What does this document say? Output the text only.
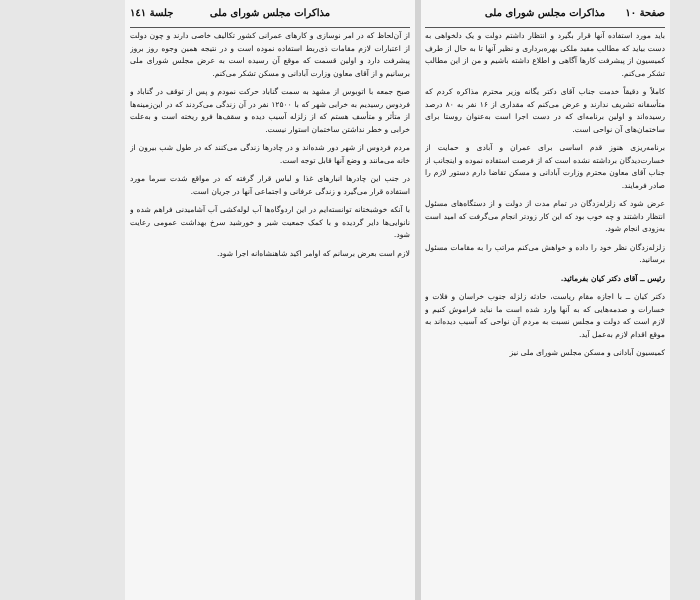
جلسة ١٤١	مذاکرات مجلس شورای ملی	صفحة ١٠
مذاکرات مجلس شورای ملی

از آن‌لحاظ که در امر نوسازی و کارهای عمرانی کشور تکالیف خاصی دارند و چون دولت از اعتبارات لازم مقامات ذی‌ربط استفاده نموده است و در نتیجه همین وجوه روز بروز پیشرفت دارد و اولین قسمت که موقع آن رسیده است به عرض مجلس شورای ملی برسانیم و از آقای معاون وزارت آبادانی و مسکن تشکر می‌کنم.

صبح جمعه با اتوبوس از مشهد به سمت گناباد حرکت نمودم و پس از توقف در گناباد و فردوس رسیدیم به خرابی شهر که با ۱۲۵۰۰ نفر در آن زندگی می‌کردند که در این‌زمینه‌ها از متأثر و متأسف هستم که از زلزله آسیب دیده و سقف‌ها فرو ریخته است و به‌علت خرابی و خطر نداشتن ساختمان استوار نیست.

مردم فردوس از شهر دور شده‌اند و در چادرها زندگی می‌کنند که در طول شب بیرون از خانه می‌مانند و وضع آنها قابل توجه است.

در جنب این چادرها انبارهای غذا و لباس قرار گرفته که در مواقع شدت سرما مورد استفاده قرار می‌گیرد و زندگی عرفانی و اجتماعی آنها در جریان است.

با آنکه خوشبختانه توانسته‌ایم در این اردوگاه‌ها آب لوله‌کشی آب آشامیدنی فراهم شده و نانوایی‌ها دایر گردیده و با کمک جمعیت شیر و خورشید سرخ بهداشت عمومی رعایت شود.

لازم است بعرض برسانم که اوامر اکید شاهنشاه‌انه اجرا شود.

باید مورد استفاده آنها قرار بگیرد و انتظار داشتم دولت و یک دلخواهی به دست بیاید که مطالب مفید ملکی بهره‌برداری و نظیر آنها تا به حال از طرف کمیسیون از پیشرفت کارها آگاهی و اطلاع داشته باشیم و من از این مطالب تشکر می‌کنم.

کاملاً و دقیقاً خدمت جناب آقای دکتر یگانه وزیر محترم مذاکره کردم که متأسفانه تشریف ندارند و عرض می‌کنم که مقداری از ۱۶ نفر به ۸۰ درصد رسیده‌اند و اولین برنامه‌ای که در دست اجرا است به‌عنوان روستا برای ساختمان‌های آن نواحی است.

برنامه‌ریزی هنوز قدم اساسی برای عمران و آبادی و حمایت از خسارت‌دیدگان برداشته نشده است که از فرصت استفاده نموده و اینجانب از جناب آقای معاون محترم وزارت آبادانی و مسکن تقاضا دارم دستور لازم را صادر فرمایند.

عرض شود که زلزله‌زدگان در تمام مدت از دولت و از دستگاه‌های مسئول انتظار داشتند و چه خوب بود که این کار زودتر انجام می‌گرفت که امید است به‌زودی انجام شود.

زلزله‌زدگان نظر خود را داده و خواهش می‌کنم مراتب را به مقامات مسئول برسانید.

رئیس ــ آقای دکتر کیان بفرمائید.

دکتر کیان ــ با اجازه مقام ریاست، حادثه زلزله جنوب خراسان و فلات و خسارات و صدمه‌هایی که به آنها وارد شده است ما نباید فراموش کنیم و لازم است که دولت و مجلس نسبت به مردم آن نواحی که آسیب دیده‌اند به موقع اقدام لازم به‌عمل آید.

کمیسیون آبادانی و مسکن مجلس شورای ملی نیز
